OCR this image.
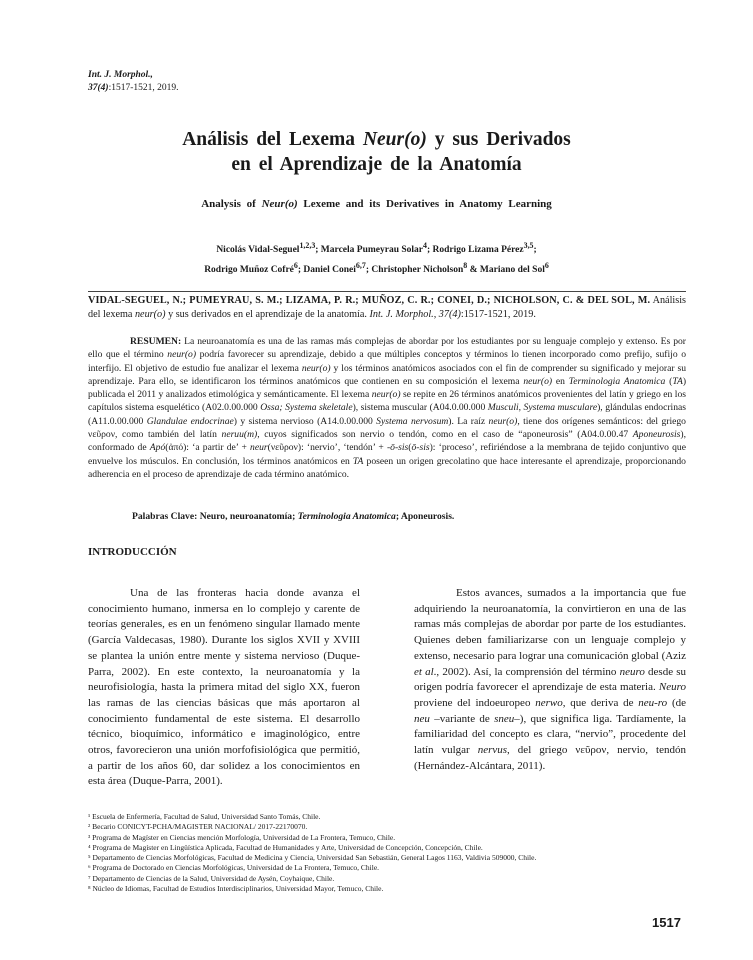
Int. J. Morphol.,
37(4):1517-1521, 2019.
Análisis del Lexema Neur(o) y sus Derivados
en el Aprendizaje de la Anatomía
Analysis of Neur(o) Lexeme and its Derivatives in Anatomy Learning
Nicolás Vidal-Seguel$^{1,2,3}$; Marcela Pumeyrau Solar$^4$; Rodrigo Lizama Pérez$^{3,5}$;
Rodrigo Muñoz Cofré$^6$; Daniel Conei$^{6,7}$; Christopher Nicholson$^8$ & Mariano del Sol$^6$
VIDAL-SEGUEL, N.; PUMEYRAU, S. M.; LIZAMA, P. R.; MUÑOZ, C. R.; CONEI, D.; NICHOLSON, C. & DEL SOL, M. Análisis del lexema neur(o) y sus derivados en el aprendizaje de la anatomía. Int. J. Morphol., 37(4):1517-1521, 2019.
RESUMEN: La neuroanatomía es una de las ramas más complejas de abordar por los estudiantes por su lenguaje complejo y extenso. Es por ello que el término neur(o) podría favorecer su aprendizaje, debido a que múltiples conceptos y términos lo tienen incorporado como prefijo, sufijo o interfijo. El objetivo de estudio fue analizar el lexema neur(o) y los términos anatómicos asociados con el fin de comprender su significado y mejorar su aprendizaje. Para ello, se identificaron los términos anatómicos que contienen en su composición el lexema neur(o) en Terminologia Anatomica (TA) publicada el 2011 y analizados etimológica y semánticamente. El lexema neur(o) se repite en 26 términos anatómicos provenientes del latín y griego en los capítulos sistema esquelético (A02.0.00.000 Ossa; Systema skeletale), sistema muscular (A04.0.00.000 Musculi, Systema musculare), glándulas endocrinas (A11.0.00.000 Glandulae endocrinae) y sistema nervioso (A14.0.00.000 Systema nervosum). La raíz neur(o), tiene dos orígenes semánticos: del griego νεῦρον, como también del latín neruu(m), cuyos significados son nervio o tendón, como en el caso de “aponeurosis” (A04.0.00.47 Aponeurosis), conformado de Apó(ἀπό): ‘a partir de’ + neur(νεῦρον): ‘nervio’, ‘tendón’ + -ō-sis(ō-sis): ‘proceso’, refiriéndose a la membrana de tejido conjuntivo que envuelve los músculos. En conclusión, los términos anatómicos en TA poseen un origen grecolatino que hace interesante el aprendizaje, proporcionando adherencia en el proceso de aprendizaje de cada término anatómico.
Palabras Clave: Neuro, neuroanatomía; Terminologia Anatomica; Aponeurosis.
INTRODUCCIÓN
Una de las fronteras hacia donde avanza el conocimiento humano, inmersa en lo complejo y carente de teorías generales, es en un fenómeno singular llamado mente (García Valdecasas, 1980). Durante los siglos XVII y XVIII se plantea la unión entre mente y sistema nervioso (Duque-Parra, 2002). En este contexto, la neuroanatomía y la neurofisiología, hasta la primera mitad del siglo XX, fueron las ramas de las ciencias básicas que más aportaron al conocimiento fundamental de este sistema. El desarrollo técnico, bioquímico, informático e imaginológico, entre otros, favorecieron una unión morfofisiológica que permitió, a partir de los años 60, dar solidez a los conocimientos en esta área (Duque-Parra, 2001).
Estos avances, sumados a la importancia que fue adquiriendo la neuroanatomía, la convirtieron en una de las ramas más complejas de abordar por parte de los estudiantes. Quienes deben familiarizarse con un lenguaje complejo y extenso, necesario para lograr una comunicación global (Aziz et al., 2002). Así, la comprensión del término neuro desde su origen podría favorecer el aprendizaje de esta materia. Neuro proviene del indoeuropeo nerwo, que deriva de neu-ro (de neu –variante de sneu–), que significa liga. Tardíamente, la familiaridad del concepto es clara, “nervio”, procedente del latín vulgar nervus, del griego νεῦρον, nervio, tendón (Hernández-Alcántara, 2011).
¹ Escuela de Enfermería, Facultad de Salud, Universidad Santo Tomás, Chile.
² Becario CONICYT-PCHA/MAGISTER NACIONAL/ 2017-22170070.
³ Programa de Magíster en Ciencias mención Morfología, Universidad de La Frontera, Temuco, Chile.
⁴ Programa de Magíster en Lingüística Aplicada, Facultad de Humanidades y Arte, Universidad de Concepción, Concepción, Chile.
⁵ Departamento de Ciencias Morfológicas, Facultad de Medicina y Ciencia, Universidad San Sebastián, General Lagos 1163, Valdivia 509000, Chile.
⁶ Programa de Doctorado en Ciencias Morfológicas, Universidad de La Frontera, Temuco, Chile.
⁷ Departamento de Ciencias de la Salud, Universidad de Aysén, Coyhaique, Chile.
⁸ Núcleo de Idiomas, Facultad de Estudios Interdisciplinarios, Universidad Mayor, Temuco, Chile.
1517
